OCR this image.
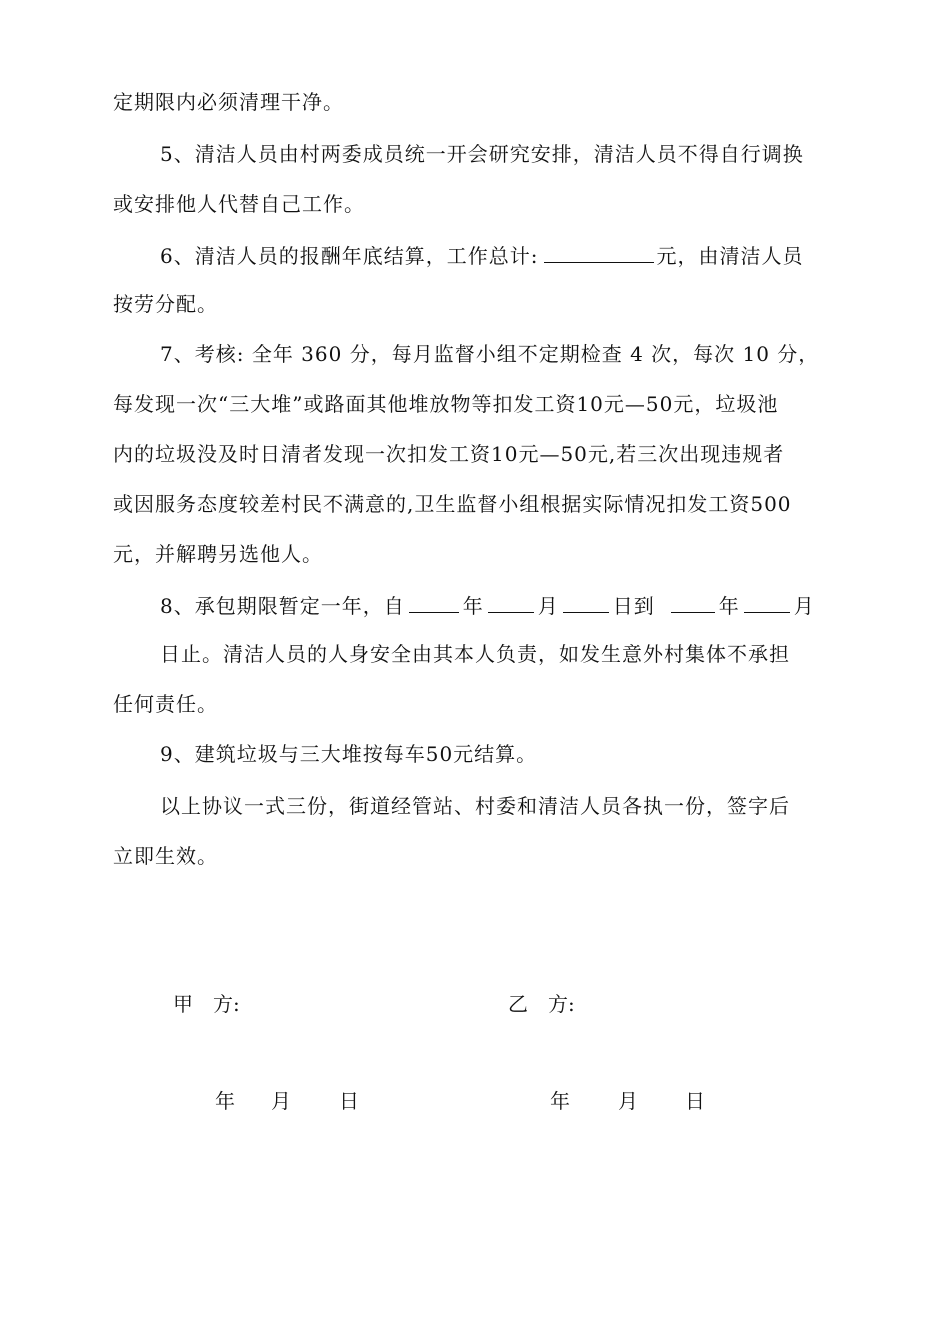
定期限内必须清理干净。
5、清洁人员由村两委成员统一开会研究安排，清洁人员不得自行调换
或安排他人代替自己工作。
6、清洁人员的报酬年底结算，工作总计:	元，由清洁人员
按劳分配。
7、考核: 全年 360 分，每月监督小组不定期检查 4 次，每次 10 分，
每发现一次“三大堆”或路面其他堆放物等扣发工资10元—50元，垃圾池
内的垃圾没及时日清者发现一次扣发工资10元—50元,若三次出现违规者
或因服务态度较差村民不满意的,卫生监督小组根据实际情况扣发工资500
元，并解聘另选他人。
8、承包期限暂定一年，自	年	月	日到	年	月
日止。清洁人员的人身安全由其本人负责，如发生意外村集体不承担
任何责任。
9、建筑垃圾与三大堆按每车50元结算。
以上协议一式三份，街道经管站、村委和清洁人员各执一份，签字后
立即生效。
甲　方:	乙　方:
年 月 日	年 月 日
